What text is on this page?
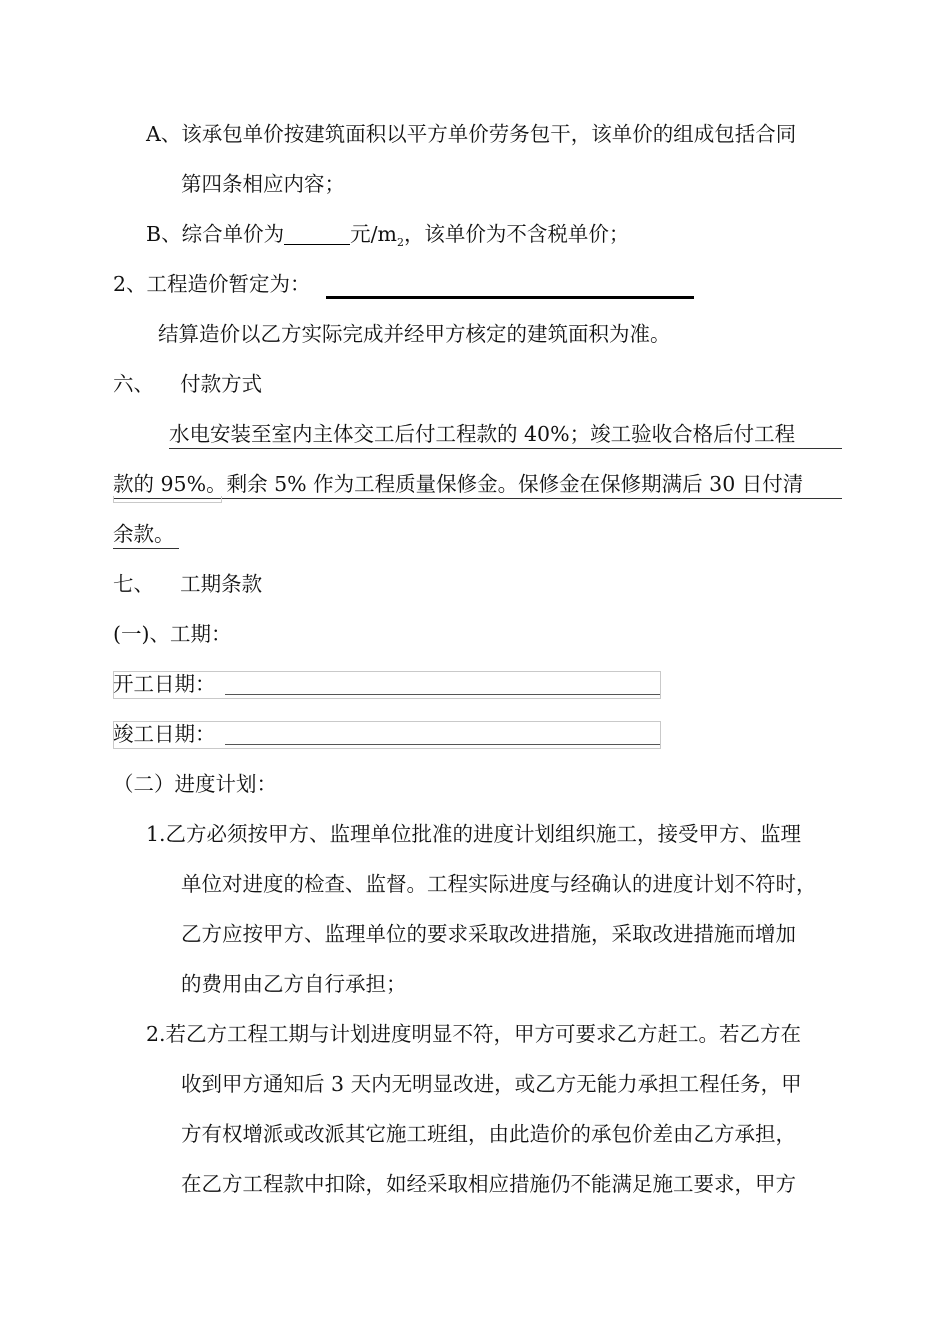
A、该承包单价按建筑面积以平方单价劳务包干，该单价的组成包括合同
第四条相应内容；
B、综合单价为	元$/m_2$，该单价为不含税单价；
2、工程造价暂定为：
结算造价以乙方实际完成并经甲方核定的建筑面积为准。
六、    付款方式
水电安装至室内主体交工后付工程款的 40%；竣工验收合格后付工程
款的 95%。剩余 5% 作为工程质量保修金。保修金在保修期满后 30 日付清
余款。
七、    工期条款
(一)、工期：
开工日期：
竣工日期：
（二）进度计划：
1.乙方必须按甲方、监理单位批准的进度计划组织施工，接受甲方、监理
单位对进度的检查、监督。工程实际进度与经确认的进度计划不符时，
乙方应按甲方、监理单位的要求采取改进措施，采取改进措施而增加
的费用由乙方自行承担；
2.若乙方工程工期与计划进度明显不符，甲方可要求乙方赶工。若乙方在
收到甲方通知后 3 天内无明显改进，或乙方无能力承担工程任务，甲
方有权增派或改派其它施工班组，由此造价的承包价差由乙方承担，
在乙方工程款中扣除，如经采取相应措施仍不能满足施工要求，甲方
